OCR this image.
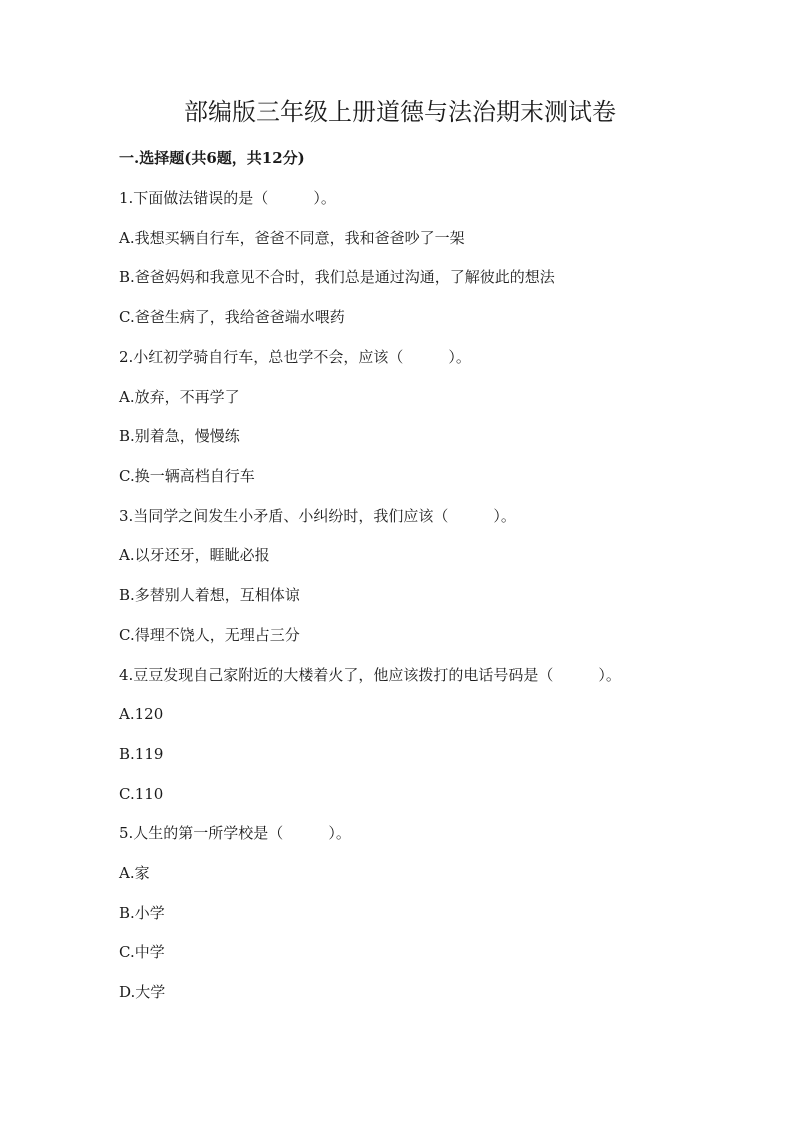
部编版三年级上册道德与法治期末测试卷
一.选择题(共6题，共12分)
1.下面做法错误的是（　　　）。
A.我想买辆自行车，爸爸不同意，我和爸爸吵了一架
B.爸爸妈妈和我意见不合时，我们总是通过沟通，了解彼此的想法
C.爸爸生病了，我给爸爸端水喂药
2.小红初学骑自行车，总也学不会，应该（　　　）。
A.放弃，不再学了
B.别着急，慢慢练
C.换一辆高档自行车
3.当同学之间发生小矛盾、小纠纷时，我们应该（　　　）。
A.以牙还牙，睚眦必报
B.多替别人着想，互相体谅
C.得理不饶人，无理占三分
4.豆豆发现自己家附近的大楼着火了，他应该拨打的电话号码是（　　　）。
A.120
B.119
C.110
5.人生的第一所学校是（　　　）。
A.家
B.小学
C.中学
D.大学
